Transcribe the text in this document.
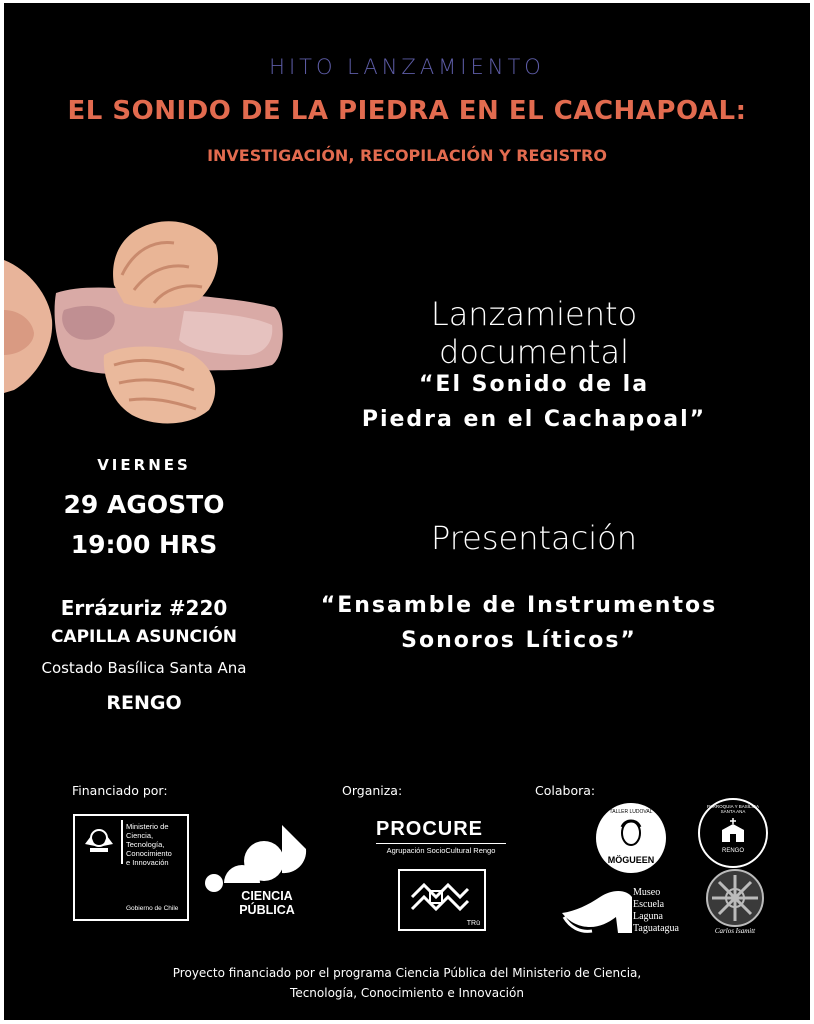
HITO LANZAMIENTO
EL SONIDO DE LA PIEDRA EN EL CACHAPOAL:
INVESTIGACIÓN, RECOPILACIÓN Y REGISTRO
Lanzamiento documental
“El Sonido de la
Piedra en el Cachapoal”
Presentación
“Ensamble de Instrumentos
Sonoros Líticos”
VIERNES
29 AGOSTO
19:00 HRS
Errázuriz #220
CAPILLA ASUNCIÓN
Costado Basílica Santa Ana
RENGO
Financiado por:	Organiza:	Colabora:
Ministerio de
Ciencia,
Tecnología,
Conocimiento
e Innovación
Gobierno de Chile
CIENCIA
PÚBLICA
PROCURE
Agrupación SocioCultural Rengo
TRü
TALLER LUDOVAL
MÖGUEEN
PARROQUIA Y BASÍLICA SANTA ANA
RENGO
Museo
Escuela
Laguna
Taguatagua	Carlos Isamitt
Proyecto financiado por el programa Ciencia Pública del Ministerio de Ciencia,
Tecnología, Conocimiento e Innovación
